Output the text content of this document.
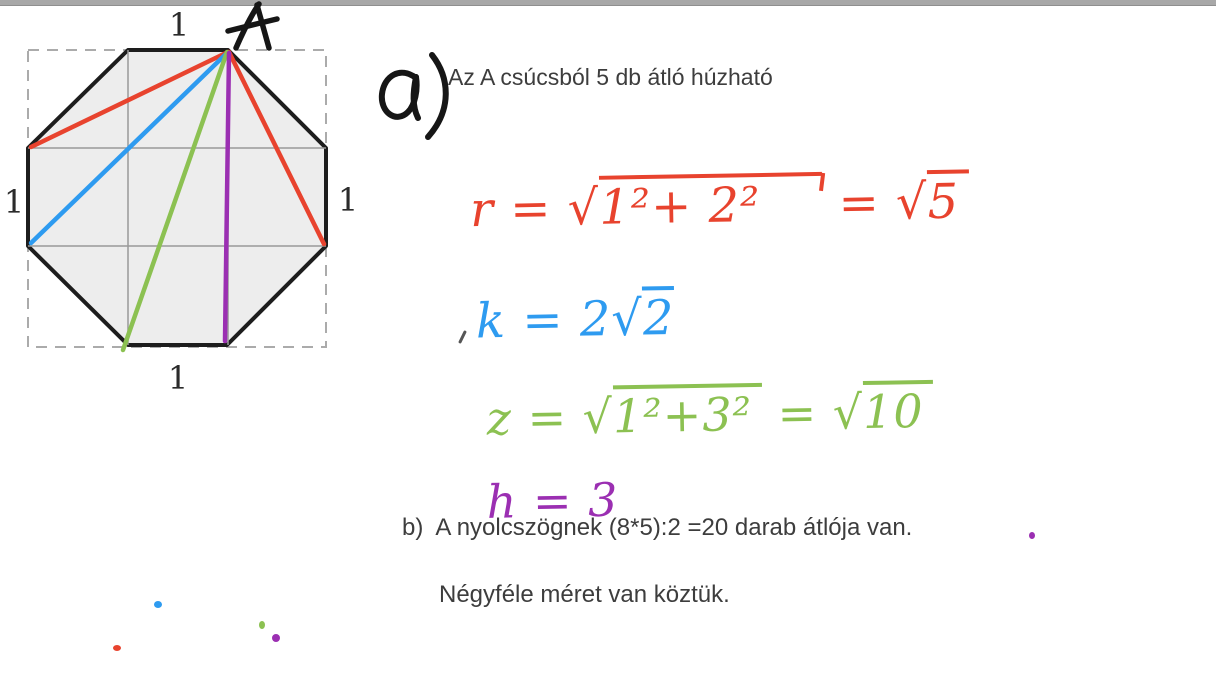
1
1	1
1
Az A csúcsból 5 db átló húzható
b)  A nyolcszögnek (8*5):2 =20 darab átlója van.
Négyféle méret van köztük.

r = √1²+ 2² = √5

k = 2√2

z = √1²+3² = √10

h = 3
